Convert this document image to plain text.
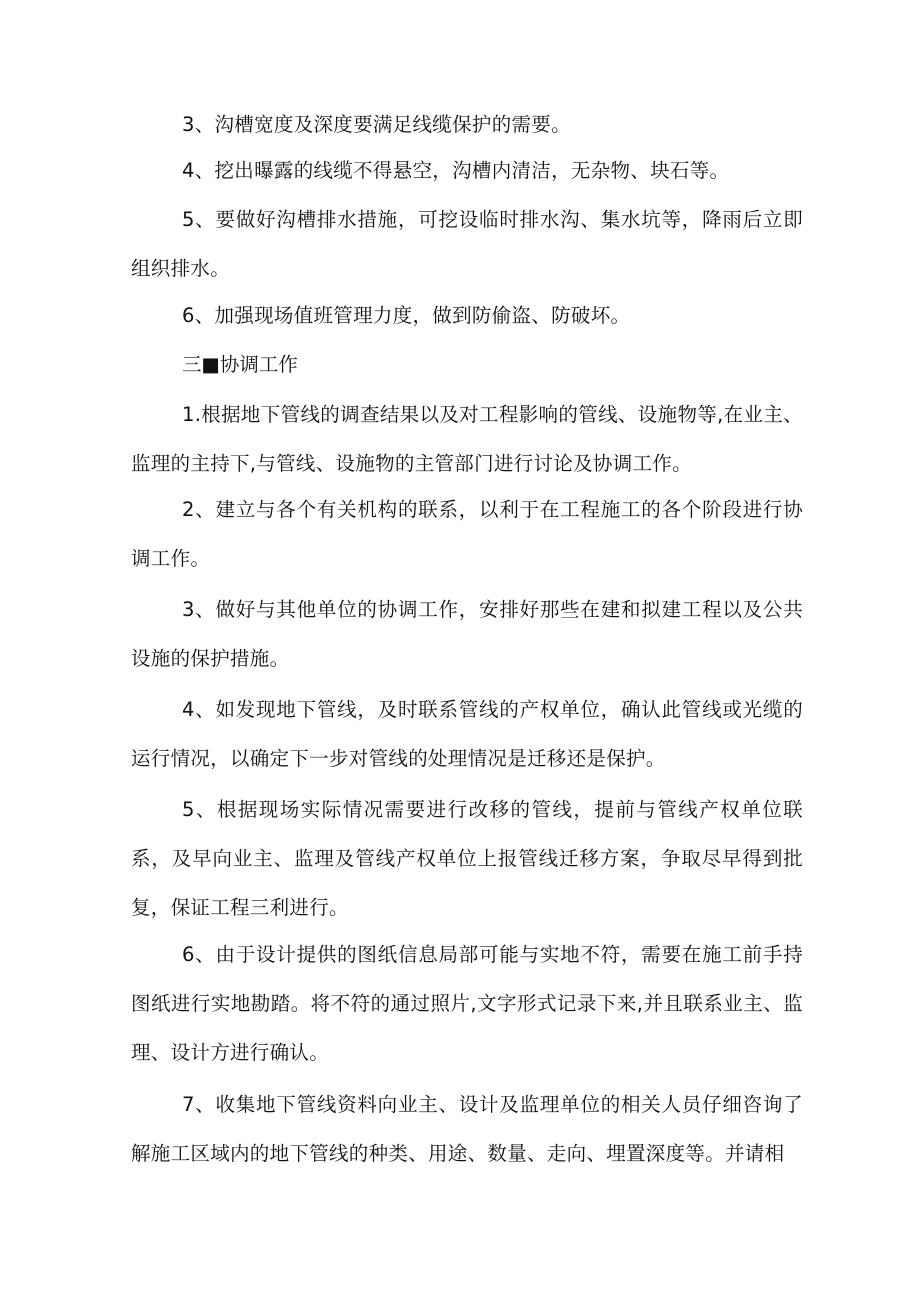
3、沟槽宽度及深度要满足线缆保护的需要。

4、挖出曝露的线缆不得悬空，沟槽内清洁，无杂物、块石等。

5、要做好沟槽排水措施，可挖设临时排水沟、集水坑等，降雨后立即组织排水。

6、加强现场值班管理力度，做到防偷盗、防破坏。

三■协调工作

1.根据地下管线的调查结果以及对工程影响的管线、设施物等,在业主、监理的主持下,与管线、设施物的主管部门进行讨论及协调工作。

2、建立与各个有关机构的联系，以利于在工程施工的各个阶段进行协调工作。

3、做好与其他单位的协调工作，安排好那些在建和拟建工程以及公共设施的保护措施。

4、如发现地下管线，及时联系管线的产权单位，确认此管线或光缆的运行情况，以确定下一步对管线的处理情况是迁移还是保护。

5、根据现场实际情况需要进行改移的管线，提前与管线产权单位联系，及早向业主、监理及管线产权单位上报管线迁移方案，争取尽早得到批复，保证工程三利进行。

6、由于设计提供的图纸信息局部可能与实地不符，需要在施工前手持图纸进行实地勘踏。将不符的通过照片,文字形式记录下来,并且联系业主、监理、设计方进行确认。

7、收集地下管线资料向业主、设计及监理单位的相关人员仔细咨询了解施工区域内的地下管线的种类、用途、数量、走向、埋置深度等。并请相
